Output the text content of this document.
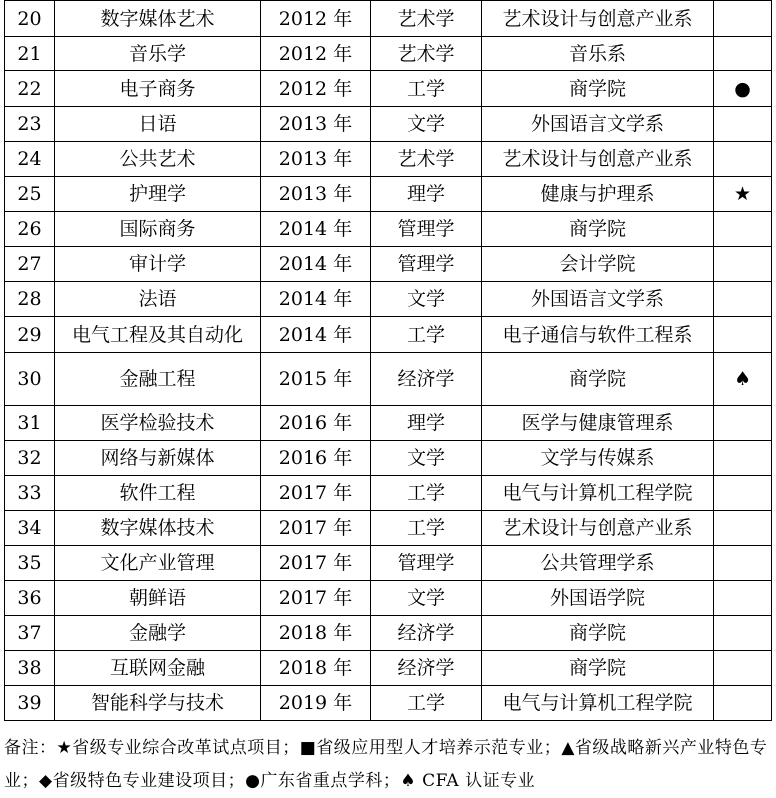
20	数字媒体艺术	2012 年	艺术学	艺术设计与创意产业系	
21	音乐学	2012 年	艺术学	音乐系	
22	电子商务	2012 年	工学	商学院	●
23	日语	2013 年	文学	外国语言文学系	
24	公共艺术	2013 年	艺术学	艺术设计与创意产业系	
25	护理学	2013 年	理学	健康与护理系	★
26	国际商务	2014 年	管理学	商学院	
27	审计学	2014 年	管理学	会计学院	
28	法语	2014 年	文学	外国语言文学系	
29	电气工程及其自动化	2014 年	工学	电子通信与软件工程系	
30	金融工程	2015 年	经济学	商学院	♠
31	医学检验技术	2016 年	理学	医学与健康管理系	
32	网络与新媒体	2016 年	文学	文学与传媒系	
33	软件工程	2017 年	工学	电气与计算机工程学院	
34	数字媒体技术	2017 年	工学	艺术设计与创意产业系	
35	文化产业管理	2017 年	管理学	公共管理学系	
36	朝鲜语	2017 年	文学	外国语学院	
37	金融学	2018 年	经济学	商学院	
38	互联网金融	2018 年	经济学	商学院	
39	智能科学与技术	2019 年	工学	电气与计算机工程学院	
备注：★省级专业综合改革试点项目；■省级应用型人才培养示范专业；▲省级战略新兴产业特色专业；◆省级特色专业建设项目；●广东省重点学科；♠ CFA 认证专业
